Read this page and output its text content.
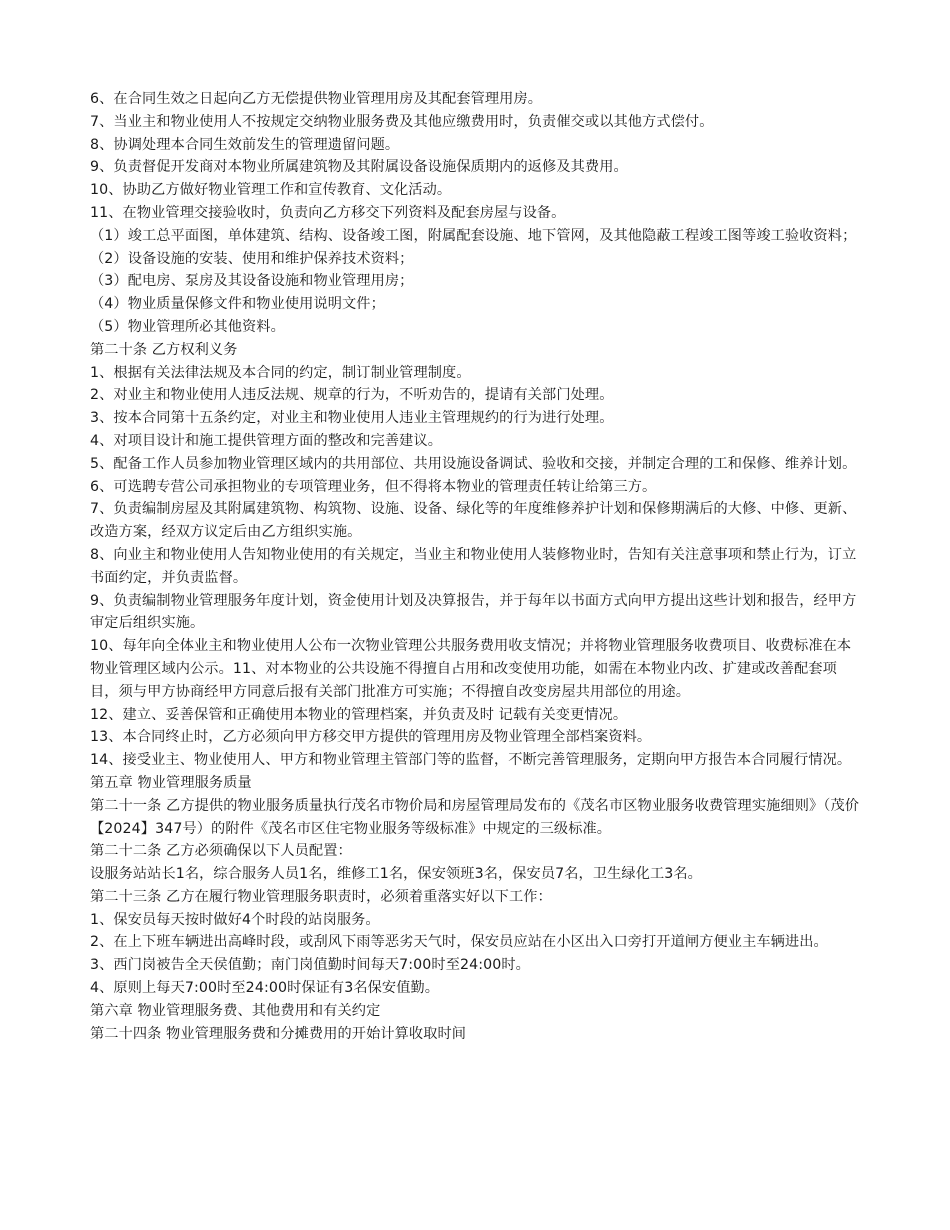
6、在合同生效之日起向乙方无偿提供物业管理用房及其配套管理用房。

7、当业主和物业使用人不按规定交纳物业服务费及其他应缴费用时，负责催交或以其他方式偿付。

8、协调处理本合同生效前发生的管理遗留问题。

9、负责督促开发商对本物业所属建筑物及其附属设备设施保质期内的返修及其费用。

10、协助乙方做好物业管理工作和宣传教育、文化活动。

11、在物业管理交接验收时，负责向乙方移交下列资料及配套房屋与设备。

（1）竣工总平面图，单体建筑、结构、设备竣工图，附属配套设施、地下管网，及其他隐蔽工程竣工图等竣工验收资料；

（2）设备设施的安装、使用和维护保养技术资料；

（3）配电房、泵房及其设备设施和物业管理用房；

（4）物业质量保修文件和物业使用说明文件；

（5）物业管理所必其他资料。

第二十条 乙方权利义务

1、根据有关法律法规及本合同的约定，制订制业管理制度。

2、对业主和物业使用人违反法规、规章的行为，不听劝告的，提请有关部门处理。

3、按本合同第十五条约定，对业主和物业使用人违业主管理规约的行为进行处理。

4、对项目设计和施工提供管理方面的整改和完善建议。

5、配备工作人员参加物业管理区域内的共用部位、共用设施设备调试、验收和交接，并制定合理的工和保修、维养计划。

6、可选聘专营公司承担物业的专项管理业务，但不得将本物业的管理责任转让给第三方。

7、负责编制房屋及其附属建筑物、构筑物、设施、设备、绿化等的年度维修养护计划和保修期满后的大修、中修、更新、改造方案，经双方议定后由乙方组织实施。

8、向业主和物业使用人告知物业使用的有关规定，当业主和物业使用人装修物业时，告知有关注意事项和禁止行为，订立书面约定，并负责监督。

9、负责编制物业管理服务年度计划，资金使用计划及决算报告，并于每年以书面方式向甲方提出这些计划和报告，经甲方审定后组织实施。

10、每年向全体业主和物业使用人公布一次物业管理公共服务费用收支情况；并将物业管理服务收费项目、收费标准在本物业管理区域内公示。11、对本物业的公共设施不得擅自占用和改变使用功能，如需在本物业内改、扩建或改善配套项目，须与甲方协商经甲方同意后报有关部门批准方可实施；不得擅自改变房屋共用部位的用途。

12、建立、妥善保管和正确使用本物业的管理档案，并负责及时 记载有关变更情况。

13、本合同终止时，乙方必须向甲方移交甲方提供的管理用房及物业管理全部档案资料。

14、接受业主、物业使用人、甲方和物业管理主管部门等的监督，不断完善管理服务，定期向甲方报告本合同履行情况。

第五章 物业管理服务质量

第二十一条 乙方提供的物业服务质量执行茂名市物价局和房屋管理局发布的《茂名市区物业服务收费管理实施细则》（茂价【2024】347号）的附件《茂名市区住宅物业服务等级标准》中规定的三级标准。

第二十二条 乙方必须确保以下人员配置：

设服务站站长1名，综合服务人员1名，维修工1名，保安领班3名，保安员7名，卫生绿化工3名。

第二十三条 乙方在履行物业管理服务职责时，必须着重落实好以下工作：

1、保安员每天按时做好4个时段的站岗服务。

2、在上下班车辆进出高峰时段，或刮风下雨等恶劣天气时，保安员应站在小区出入口旁打开道闸方便业主车辆进出。

3、西门岗被告全天侯值勤；南门岗值勤时间每天7:00时至24:00时。

4、原则上每天7:00时至24:00时保证有3名保安值勤。

第六章 物业管理服务费、其他费用和有关约定

第二十四条 物业管理服务费和分摊费用的开始计算收取时间
